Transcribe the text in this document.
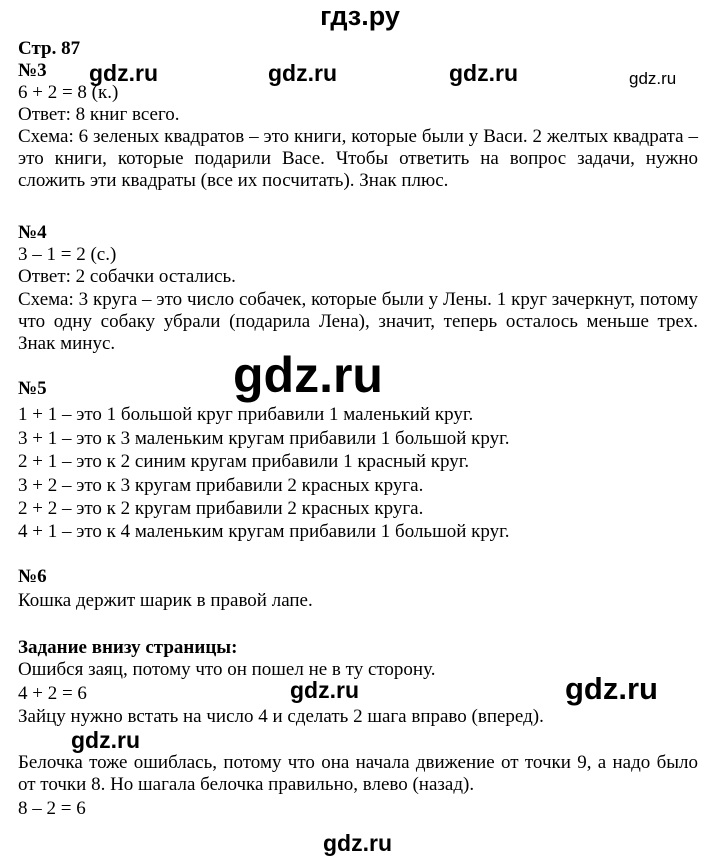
гдз.ру
Стр. 87
№3
6 + 2 = 8 (к.)
Ответ: 8 книг всего.
Схема: 6 зеленых квадратов – это книги, которые были у Васи. 2 желтых квадрата – это книги, которые подарили Васе. Чтобы ответить на вопрос задачи, нужно сложить эти квадраты (все их посчитать). Знак плюс.
№4
3 – 1 = 2 (с.)
Ответ: 2 собачки остались.
Схема: 3 круга – это число собачек, которые были у Лены. 1 круг зачеркнут, потому что одну собаку убрали (подарила Лена), значит, теперь осталось меньше трех. Знак минус.
№5
1 + 1 – это 1 большой круг прибавили 1 маленький круг.
3 + 1 – это к 3 маленьким кругам прибавили 1 большой круг.
2 + 1 – это к 2 синим кругам прибавили 1 красный круг.
3 + 2 – это к 3 кругам прибавили 2 красных круга.
2 + 2 – это к 2 кругам прибавили 2 красных круга.
4 + 1 – это к 4 маленьким кругам прибавили 1 большой круг.
№6
Кошка держит шарик в правой лапе.
Задание внизу страницы:
Ошибся заяц, потому что он пошел не в ту сторону.
4 + 2 = 6
Зайцу нужно встать на число 4 и сделать 2 шага вправо (вперед).
Белочка тоже ошиблась, потому что она начала движение от точки 9, а надо было от точки 8. Но шагала белочка правильно, влево (назад).
8 – 2 = 6
gdz.ru	gdz.ru	gdz.ru	gdz.ru
gdz.ru
gdz.ru	gdz.ru
gdz.ru
gdz.ru
